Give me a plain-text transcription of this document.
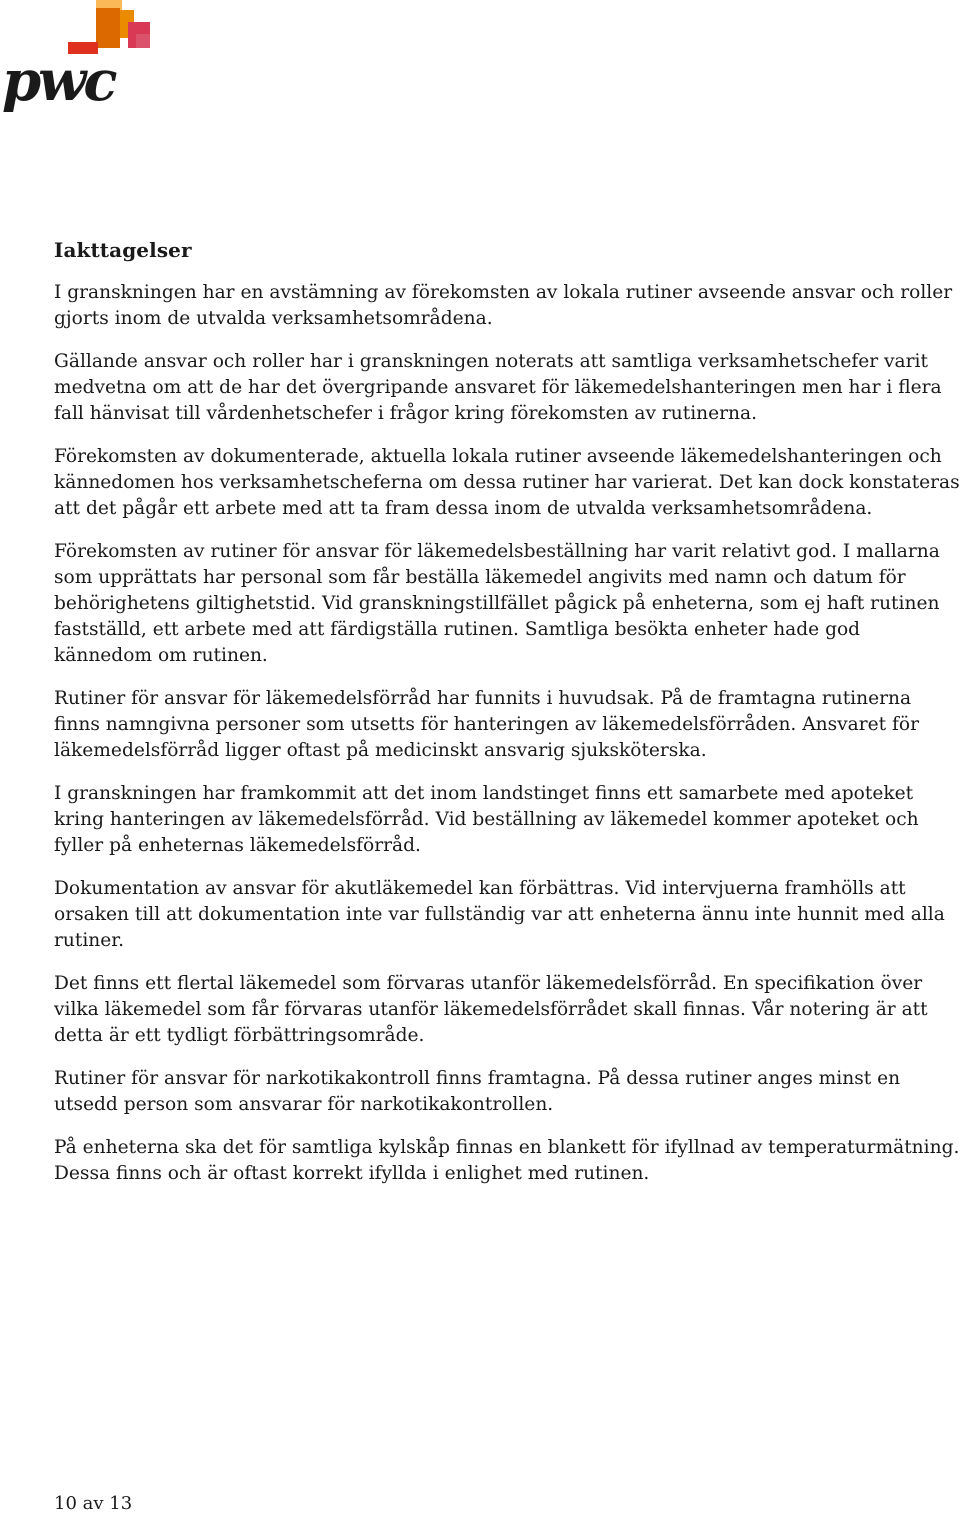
pwc
Iakttagelser

I granskningen har en avstämning av förekomsten av lokala rutiner avseende ansvar och roller gjorts inom de utvalda verksamhetsområdena.

Gällande ansvar och roller har i granskningen noterats att samtliga verksamhetschefer varit medvetna om att de har det övergripande ansvaret för läkemedelshanteringen men har i flera fall hänvisat till vårdenhetschefer i frågor kring förekomsten av rutinerna.

Förekomsten av dokumenterade, aktuella lokala rutiner avseende läkemedelshanteringen och kännedomen hos verksamhetscheferna om dessa rutiner har varierat. Det kan dock konstateras att det pågår ett arbete med att ta fram dessa inom de utvalda verksamhetsområdena.

Förekomsten av rutiner för ansvar för läkemedelsbeställning har varit relativt god. I mallarna som upprättats har personal som får beställa läkemedel angivits med namn och datum för behörighetens giltighetstid. Vid granskningstillfället pågick på enheterna, som ej haft rutinen fastställd, ett arbete med att färdigställa rutinen. Samtliga besökta enheter hade god kännedom om rutinen.

Rutiner för ansvar för läkemedelsförråd har funnits i huvudsak. På de framtagna rutinerna finns namngivna personer som utsetts för hanteringen av läkemedelsförråden. Ansvaret för läkemedelsförråd ligger oftast på medicinskt ansvarig sjuksköterska.

I granskningen har framkommit att det inom landstinget finns ett samarbete med apoteket kring hanteringen av läkemedelsförråd. Vid beställning av läkemedel kommer apoteket och fyller på enheternas läkemedelsförråd.

Dokumentation av ansvar för akutläkemedel kan förbättras. Vid intervjuerna framhölls att orsaken till att dokumentation inte var fullständig var att enheterna ännu inte hunnit med alla rutiner.

Det finns ett flertal läkemedel som förvaras utanför läkemedelsförråd. En specifikation över vilka läkemedel som får förvaras utanför läkemedelsförrådet skall finnas. Vår notering är att detta är ett tydligt förbättringsområde.

Rutiner för ansvar för narkotikakontroll finns framtagna. På dessa rutiner anges minst en utsedd person som ansvarar för narkotikakontrollen.

På enheterna ska det för samtliga kylskåp finnas en blankett för ifyllnad av temperaturmätning. Dessa finns och är oftast korrekt ifyllda i enlighet med rutinen.

10 av 13
